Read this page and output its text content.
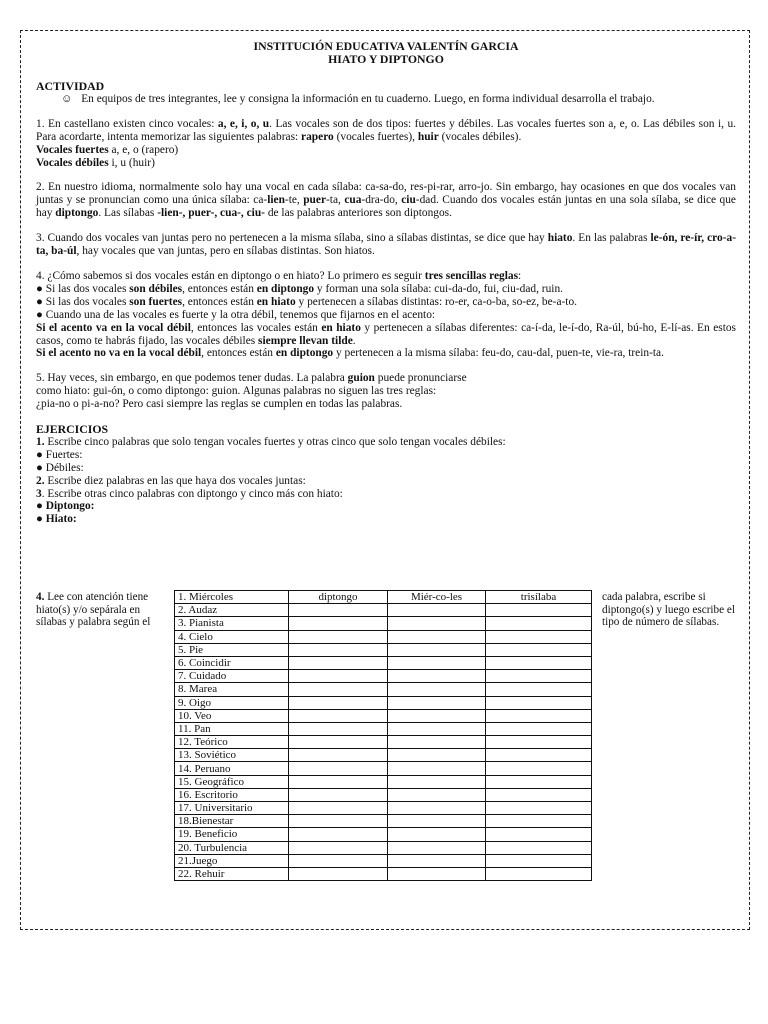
INSTITUCIÓN EDUCATIVA VALENTÍN GARCIA
HIATO Y DIPTONGO
ACTIVIDAD

☺ En equipos de tres integrantes, lee y consigna la información en tu cuaderno. Luego, en forma individual desarrolla el trabajo.

1. En castellano existen cinco vocales: a, e, i, o, u. Las vocales son de dos tipos: fuertes y débiles. Las vocales fuertes son a, e, o. Las débiles son i, u. Para acordarte, intenta memorizar las siguientes palabras: rapero (vocales fuertes), huir (vocales débiles).

Vocales fuertes a, e, o (rapero)

Vocales débiles i, u (huir)

2. En nuestro idioma, normalmente solo hay una vocal en cada sílaba: ca-sa-do, res-pi-rar, arro-jo. Sin embargo, hay ocasiones en que dos vocales van juntas y se pronuncian como una única sílaba: ca-lien-te, puer-ta, cua-dra-do, ciu-dad. Cuando dos vocales están juntas en una sola sílaba, se dice que hay diptongo. Las sílabas -lien-, puer-, cua-, ciu- de las palabras anteriores son diptongos.

3. Cuando dos vocales van juntas pero no pertenecen a la misma sílaba, sino a sílabas distintas, se dice que hay hiato. En las palabras le-ón, re-ír, cro-a-ta, ba-úl, hay vocales que van juntas, pero en sílabas distintas. Son hiatos.

4. ¿Cómo sabemos si dos vocales están en diptongo o en hiato? Lo primero es seguir tres sencillas reglas:

● Si las dos vocales son débiles, entonces están en diptongo y forman una sola sílaba: cui-da-do, fui, ciu-dad, ruin.

● Si las dos vocales son fuertes, entonces están en hiato y pertenecen a sílabas distintas: ro-er, ca-o-ba, so-ez, be-a-to.

● Cuando una de las vocales es fuerte y la otra débil, tenemos que fijarnos en el acento:

Si el acento va en la vocal débil, entonces las vocales están en hiato y pertenecen a sílabas diferentes: ca-í-da, le-í-do, Ra-úl, bú-ho, E-lí-as. En estos casos, como te habrás fijado, las vocales débiles siempre llevan tilde.

Si el acento no va en la vocal débil, entonces están en diptongo y pertenecen a la misma sílaba: feu-do, cau-dal, puen-te, vie-ra, trein-ta.

5. Hay veces, sin embargo, en que podemos tener dudas. La palabra guion puede pronunciarse

como hiato: gui-ón, o como diptongo: guion. Algunas palabras no siguen las tres reglas:

¿pia-no o pi-a-no? Pero casi siempre las reglas se cumplen en todas las palabras.

EJERCICIOS

1. Escribe cinco palabras que solo tengan vocales fuertes y otras cinco que solo tengan vocales débiles:

● Fuertes:

● Débiles:

2. Escribe diez palabras en las que haya dos vocales juntas:

3. Escribe otras cinco palabras con diptongo y cinco más con hiato:

● Diptongo:

● Hiato:

4. Lee con atención tiene hiato(s) y/o sepárala en sílabas y palabra según el
cada palabra, escribe si diptongo(s) y luego escribe el tipo de número de sílabas.
1. Miércoles	diptongo	Miér-co-les	trisílaba
2. Audaz			
3. Pianista			
4. Cielo			
5. Pie			
6. Coincidir			
7. Cuidado			
8. Marea			
9. Oigo			
10. Veo			
11. Pan			
12. Teórico			
13. Soviético			
14. Peruano			
15. Geográfico			
16. Escritorio			
17. Universitario			
18.Bienestar			
19. Beneficio			
20. Turbulencia			
21.Juego			
22. Rehuir			
